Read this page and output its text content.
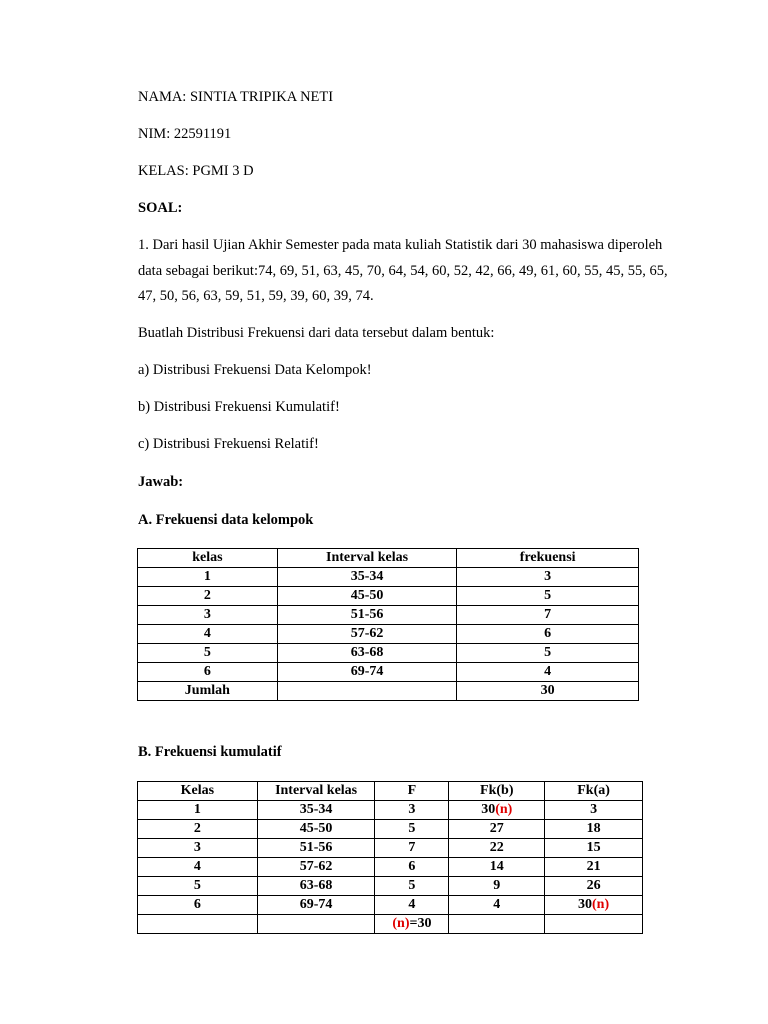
NAMA: SINTIA TRIPIKA NETI
NIM: 22591191
KELAS: PGMI 3 D
SOAL:
1. Dari hasil Ujian Akhir Semester pada mata kuliah Statistik dari 30 mahasiswa diperoleh data sebagai berikut:74, 69, 51, 63, 45, 70, 64, 54, 60, 52, 42, 66, 49, 61, 60, 55, 45, 55, 65, 47, 50, 56, 63, 59, 51, 59, 39, 60, 39, 74.
Buatlah Distribusi Frekuensi dari data tersebut dalam bentuk:
a) Distribusi Frekuensi Data Kelompok!
b) Distribusi Frekuensi Kumulatif!
c) Distribusi Frekuensi Relatif!
Jawab:
A. Frekuensi data kelompok
kelas	Interval kelas	frekuensi
1	35-34	3
2	45-50	5
3	51-56	7
4	57-62	6
5	63-68	5
6	69-74	4
Jumlah		30
B. Frekuensi kumulatif
Kelas	Interval kelas	F	Fk(b)	Fk(a)
1	35-34	3	30(n)	3
2	45-50	5	27	18
3	51-56	7	22	15
4	57-62	6	14	21
5	63-68	5	9	26
6	69-74	4	4	30(n)
		(n)=30		
